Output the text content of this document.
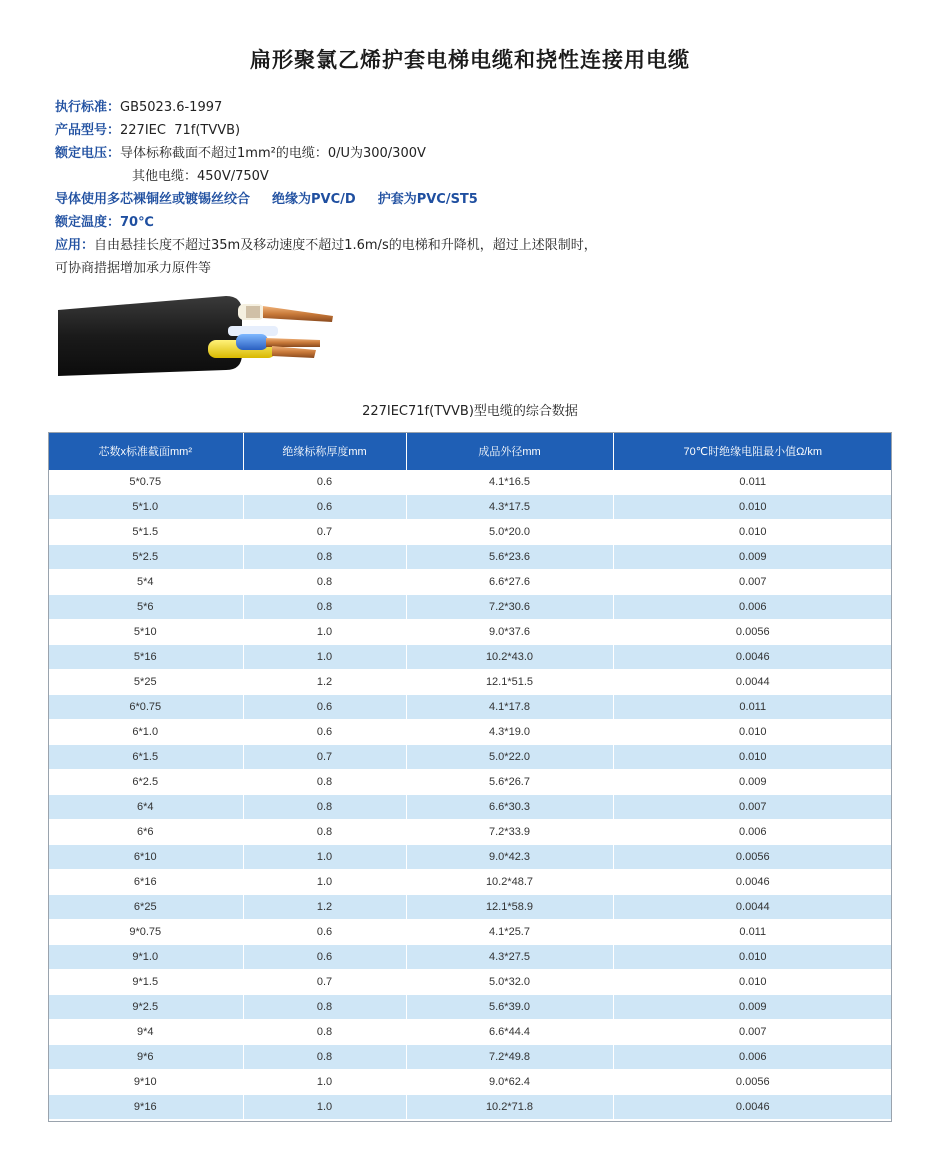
扁形聚氯乙烯护套电梯电缆和挠性连接用电缆
执行标准：GB5023.6-1997
产品型号：227IEC  71f(TVVB)
额定电压：导体标称截面不超过1mm²的电缆：0/U为300/300V
其他电缆：450V/750V
导体使用多芯裸铜丝或镀锡丝绞合 绝缘为PVC/D 护套为PVC/ST5
额定温度：70℃
应用：自由悬挂长度不超过35m及移动速度不超过1.6m/s的电梯和升降机，超过上述限制时，
可协商措据增加承力原件等
227IEC71f(TVVB)型电缆的综合数据
芯数x标准截面mm²	绝缘标称厚度mm	成品外径mm	70℃时绝缘电阻最小值Ω/km
5*0.75	0.6	4.1*16.5	0.011
5*1.0	0.6	4.3*17.5	0.010
5*1.5	0.7	5.0*20.0	0.010
5*2.5	0.8	5.6*23.6	0.009
5*4	0.8	6.6*27.6	0.007
5*6	0.8	7.2*30.6	0.006
5*10	1.0	9.0*37.6	0.0056
5*16	1.0	10.2*43.0	0.0046
5*25	1.2	12.1*51.5	0.0044
6*0.75	0.6	4.1*17.8	0.011
6*1.0	0.6	4.3*19.0	0.010
6*1.5	0.7	5.0*22.0	0.010
6*2.5	0.8	5.6*26.7	0.009
6*4	0.8	6.6*30.3	0.007
6*6	0.8	7.2*33.9	0.006
6*10	1.0	9.0*42.3	0.0056
6*16	1.0	10.2*48.7	0.0046
6*25	1.2	12.1*58.9	0.0044
9*0.75	0.6	4.1*25.7	0.011
9*1.0	0.6	4.3*27.5	0.010
9*1.5	0.7	5.0*32.0	0.010
9*2.5	0.8	5.6*39.0	0.009
9*4	0.8	6.6*44.4	0.007
9*6	0.8	7.2*49.8	0.006
9*10	1.0	9.0*62.4	0.0056
9*16	1.0	10.2*71.8	0.0046
